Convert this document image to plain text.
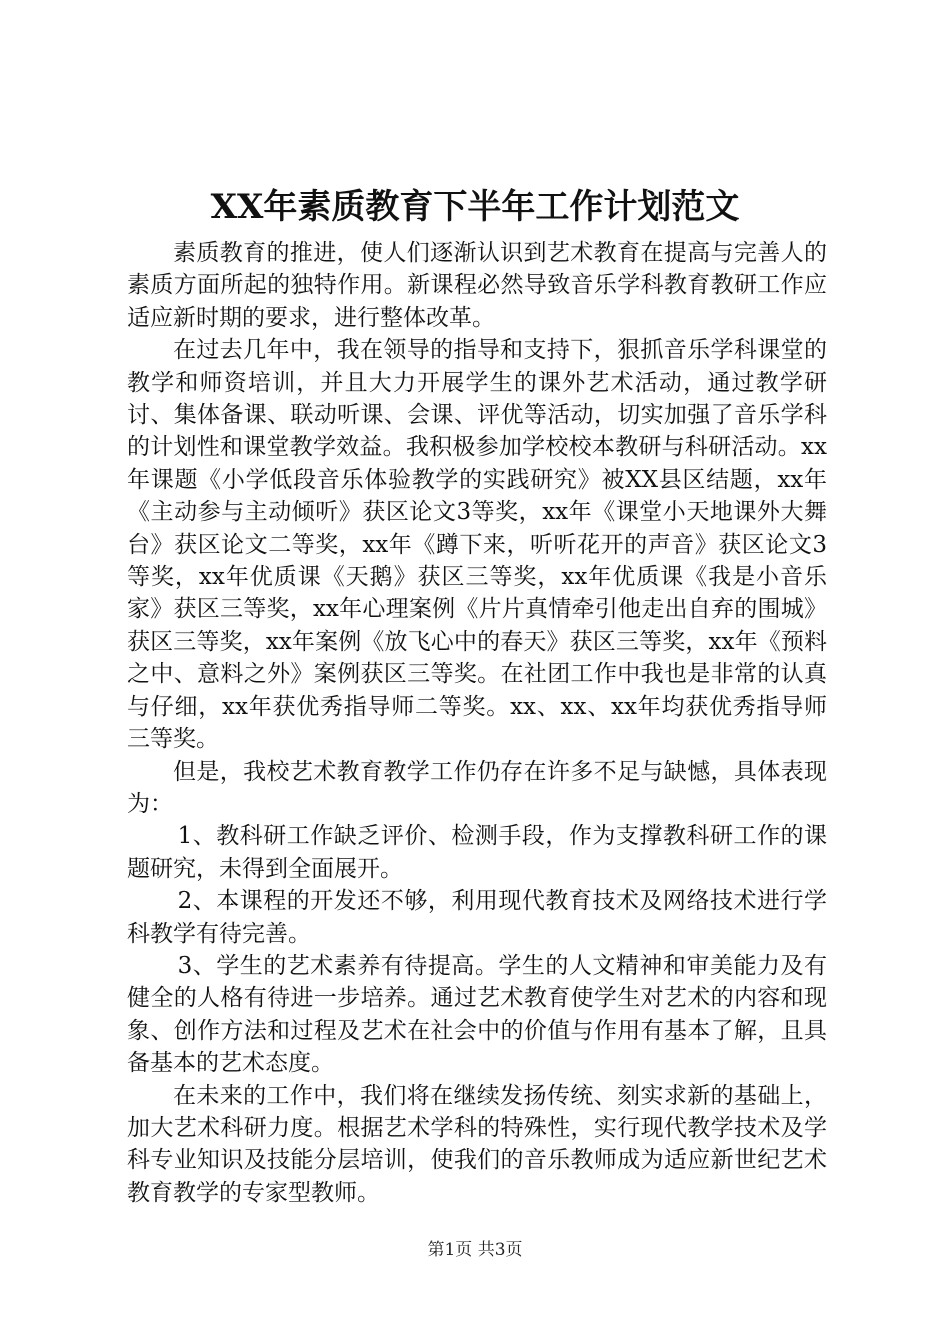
XX年素质教育下半年工作计划范文

素质教育的推进，使人们逐渐认识到艺术教育在提高与完善人的素质方面所起的独特作用。新课程必然导致音乐学科教育教研工作应适应新时期的要求，进行整体改革。

在过去几年中，我在领导的指导和支持下，狠抓音乐学科课堂的教学和师资培训，并且大力开展学生的课外艺术活动，通过教学研讨、集体备课、联动听课、会课、评优等活动，切实加强了音乐学科的计划性和课堂教学效益。我积极参加学校校本教研与科研活动。xx年课题《小学低段音乐体验教学的实践研究》被XX县区结题，xx年《主动参与主动倾听》获区论文3等奖，xx年《课堂小天地课外大舞台》获区论文二等奖，xx年《蹲下来，听听花开的声音》获区论文3等奖，xx年优质课《天鹅》获区三等奖，xx年优质课《我是小音乐家》获区三等奖，xx年心理案例《片片真情牵引他走出自弃的围城》获区三等奖，xx年案例《放飞心中的春天》获区三等奖，xx年《预料之中、意料之外》案例获区三等奖。在社团工作中我也是非常的认真与仔细，xx年获优秀指导师二等奖。xx、xx、xx年均获优秀指导师三等奖。

但是，我校艺术教育教学工作仍存在许多不足与缺憾，具体表现为：

1、教科研工作缺乏评价、检测手段，作为支撑教科研工作的课题研究，未得到全面展开。

2、本课程的开发还不够，利用现代教育技术及网络技术进行学科教学有待完善。

3、学生的艺术素养有待提高。学生的人文精神和审美能力及有健全的人格有待进一步培养。通过艺术教育使学生对艺术的内容和现象、创作方法和过程及艺术在社会中的价值与作用有基本了解，且具备基本的艺术态度。

在未来的工作中，我们将在继续发扬传统、刻实求新的基础上，加大艺术科研力度。根据艺术学科的特殊性，实行现代教学技术及学科专业知识及技能分层培训，使我们的音乐教师成为适应新世纪艺术教育教学的专家型教师。

第1页 共3页
